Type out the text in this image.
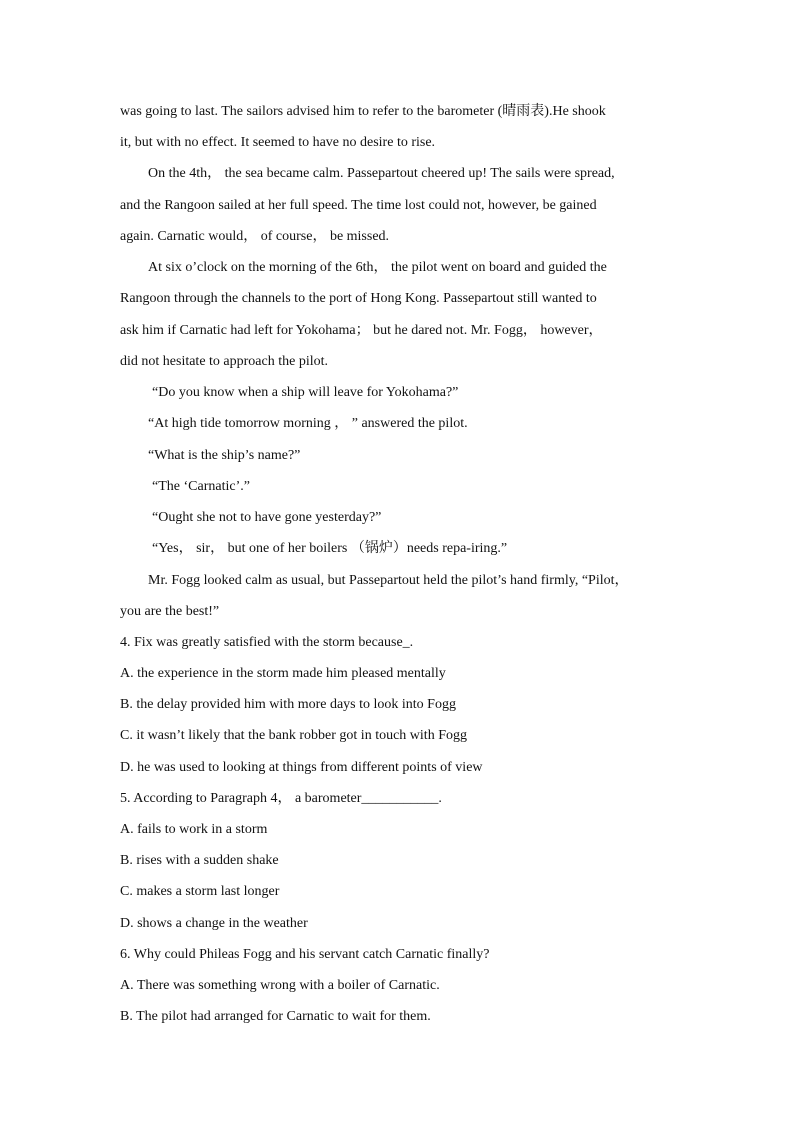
was going to last. The sailors advised him to refer to the barometer (晴雨表).He shook
it, but with no effect. It seemed to have no desire to rise.
On the 4th， the sea became calm. Passepartout cheered up! The sails were spread,
and the Rangoon sailed at her full speed. The time lost could not, however, be gained
again. Carnatic would， of course， be missed.
At six o’clock on the morning of the 6th， the pilot went on board and guided the
Rangoon through the channels to the port of Hong Kong. Passepartout still wanted to
ask him if Carnatic had left for Yokohama； but he dared not. Mr. Fogg， however，
did not hesitate to approach the pilot.
“Do you know when a ship will leave for Yokohama?”
“At high tide tomorrow morning ， ” answered the pilot.
“What is the ship’s name?”
“The ‘Carnatic’.”
“Ought she not to have gone yesterday?”
“Yes， sir， but one of her boilers （锅炉）needs repa-iring.”
Mr. Fogg looked calm as usual, but Passepartout held the pilot’s hand firmly, “Pilot，
you are the best!”
4. Fix was greatly satisfied with the storm because_.
A. the experience in the storm made him pleased mentally
B. the delay provided him with more days to look into Fogg
C. it wasn’t likely that the bank robber got in touch with Fogg
D. he was used to looking at things from different points of view
5. According to Paragraph 4， a barometer___________.
A. fails to work in a storm
B. rises with a sudden shake
C. makes a storm last longer
D. shows a change in the weather
6. Why could Phileas Fogg and his servant catch Carnatic finally?
A. There was something wrong with a boiler of Carnatic.
B. The pilot had arranged for Carnatic to wait for them.
